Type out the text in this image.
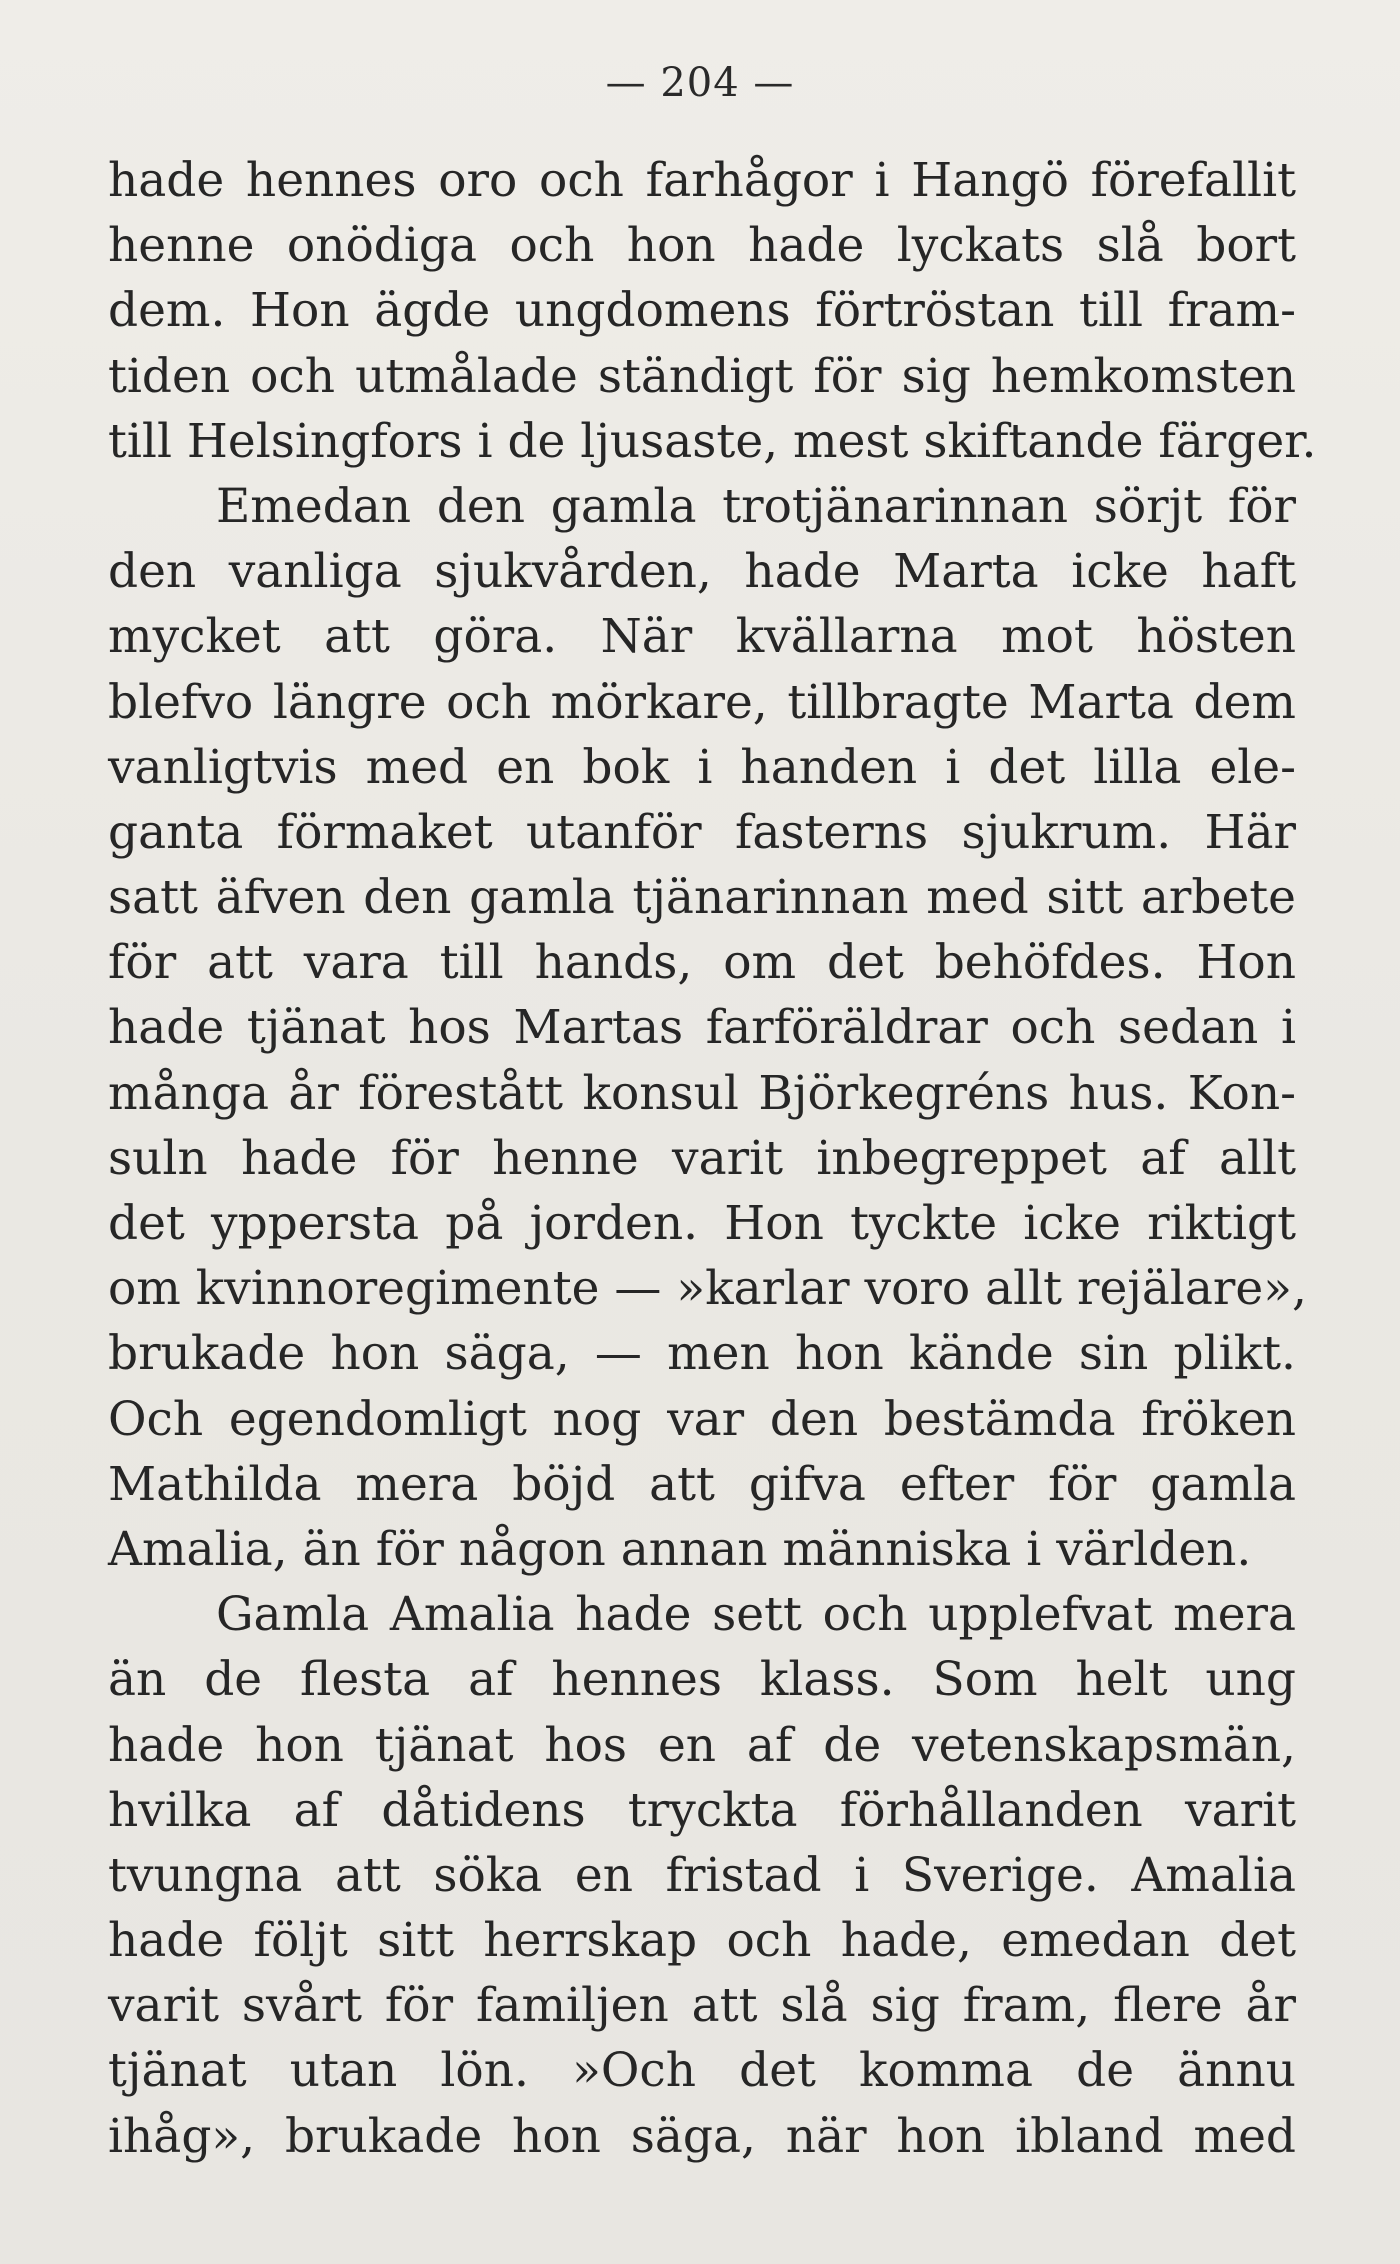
— 204 —
hade hennes oro och farhågor i Hangö förefallit
henne onödiga och hon hade lyckats slå bort
dem. Hon ägde ungdomens förtröstan till fram-
tiden och utmålade ständigt för sig hemkomsten
till Helsingfors i de ljusaste, mest skiftande färger.
Emedan den gamla trotjänarinnan sörjt för
den vanliga sjukvården, hade Marta icke haft
mycket att göra. När kvällarna mot hösten
blefvo längre och mörkare, tillbragte Marta dem
vanligtvis med en bok i handen i det lilla ele-
ganta förmaket utanför fasterns sjukrum. Här
satt äfven den gamla tjänarinnan med sitt arbete
för att vara till hands, om det behöfdes. Hon
hade tjänat hos Martas farföräldrar och sedan i
många år förestått konsul Björkegréns hus. Kon-
suln hade för henne varit inbegreppet af allt
det yppersta på jorden. Hon tyckte icke riktigt
om kvinnoregimente — »karlar voro allt rejälare»,
brukade hon säga, — men hon kände sin plikt.
Och egendomligt nog var den bestämda fröken
Mathilda mera böjd att gifva efter för gamla
Amalia, än för någon annan människa i världen.
Gamla Amalia hade sett och upplefvat mera
än de flesta af hennes klass. Som helt ung
hade hon tjänat hos en af de vetenskapsmän,
hvilka af dåtidens tryckta förhållanden varit
tvungna att söka en fristad i Sverige. Amalia
hade följt sitt herrskap och hade, emedan det
varit svårt för familjen att slå sig fram, flere år
tjänat utan lön. »Och det komma de ännu
ihåg», brukade hon säga, när hon ibland med
